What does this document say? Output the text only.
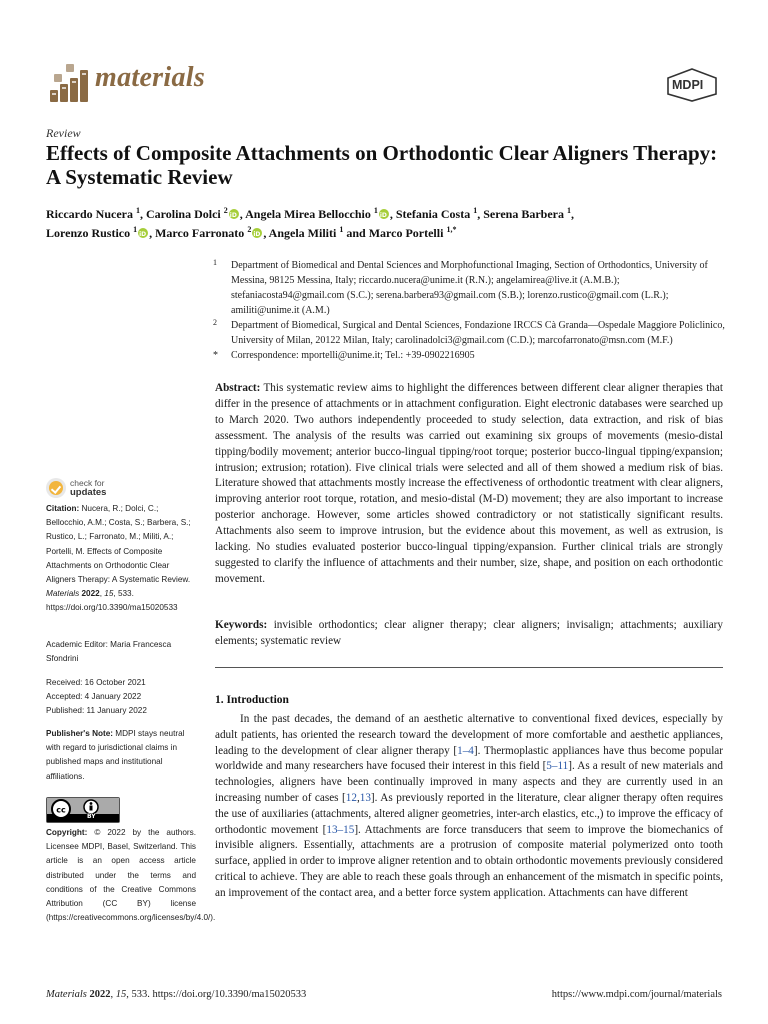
materials	MDPI
Review
Effects of Composite Attachments on Orthodontic Clear Aligners Therapy: A Systematic Review
Riccardo Nucera $^1$, Carolina Dolci $^2$ iD , Angela Mirea Bellocchio $^1$ iD , Stefania Costa $^1$, Serena Barbera $^1$,
Lorenzo Rustico $^1$ iD , Marco Farronato $^2$ iD , Angela Militi $^1$ and Marco Portelli $^{1,*}$
1 Department of Biomedical and Dental Sciences and Morphofunctional Imaging, Section of Orthodontics, University of Messina, 98125 Messina, Italy; riccardo.nucera@unime.it (R.N.); angelamirea@live.it (A.M.B.); stefaniacosta94@gmail.com (S.C.); serena.barbera93@gmail.com (S.B.); lorenzo.rustico@gmail.com (L.R.); amiliti@unime.it (A.M.)
2 Department of Biomedical, Surgical and Dental Sciences, Fondazione IRCCS Cà Granda—Ospedale Maggiore Policlinico, University of Milan, 20122 Milan, Italy; carolinadolci3@gmail.com (C.D.); marcofarronato@msn.com (M.F.)
* Correspondence: mportelli@unime.it; Tel.: +39-0902216905
Abstract: This systematic review aims to highlight the differences between different clear aligner therapies that differ in the presence of attachments or in attachment configuration. Eight electronic databases were searched up to March 2020. Two authors independently proceeded to study selection, data extraction, and risk of bias assessment. The analysis of the results was carried out examining six groups of movements (mesio-distal tipping/bodily movement; anterior bucco-lingual tipping/root torque; posterior bucco-lingual tipping/expansion; intrusion; extrusion; rotation). Five clinical trials were selected and all of them showed a medium risk of bias. Literature showed that attachments mostly increase the effectiveness of orthodontic treatment with clear aligners, improving anterior root torque, rotation, and mesio-distal (M-D) movement; they are also important to increase posterior anchorage. However, some articles showed contradictory or not statistically significant results. Attachments also seem to improve intrusion, but the evidence about this movement, as well as extrusion, is lacking. No studies evaluated posterior bucco-lingual tipping/expansion. Further clinical trials are strongly suggested to clarify the influence of attachments and their number, size, shape, and position on each orthodontic movement.
Keywords: invisible orthodontics; clear aligner therapy; clear aligners; invisalign; attachments; auxiliary elements; systematic review
1. Introduction
In the past decades, the demand of an aesthetic alternative to conventional fixed devices, especially by adult patients, has oriented the research toward the development of more comfortable and aesthetic appliances, leading to the development of clear aligner therapy [1–4]. Thermoplastic appliances have thus become popular worldwide and many researchers have focused their interest in this field [5–11]. As a result of new materials and technologies, aligners have been continually improved in many aspects and they are currently used in an increasing number of cases [12,13]. As previously reported in the literature, clear aligner therapy often requires the use of auxiliaries (attachments, altered aligner geometries, inter-arch elastics, etc.,) to improve the efficacy of orthodontic movement [13–15]. Attachments are force transducers that seem to improve the biomechanics of invisible aligners. Essentially, attachments are a protrusion of composite material polymerized onto tooth surface, applied in order to improve aligner retention and to obtain orthodontic movements previously considered critical to achieve. They are able to reach these goals through an enhancement of the mismatch in specific points, an improvement of the contact area, and a better force system application. Attachments can have different
check for
updates
Citation: Nucera, R.; Dolci, C.; Bellocchio, A.M.; Costa, S.; Barbera, S.; Rustico, L.; Farronato, M.; Militi, A.; Portelli, M. Effects of Composite Attachments on Orthodontic Clear Aligners Therapy: A Systematic Review. Materials 2022, 15, 533. https://doi.org/10.3390/ma15020533
Academic Editor: Maria Francesca Sfondrini
Received: 16 October 2021
Accepted: 4 January 2022
Published: 11 January 2022
Publisher's Note: MDPI stays neutral with regard to jurisdictional claims in published maps and institutional affiliations.
cc
BY
Copyright: © 2022 by the authors. Licensee MDPI, Basel, Switzerland. This article is an open access article distributed under the terms and conditions of the Creative Commons Attribution (CC BY) license (https://creativecommons.org/licenses/by/4.0/).
Materials 2022, 15, 533. https://doi.org/10.3390/ma15020533	https://www.mdpi.com/journal/materials
